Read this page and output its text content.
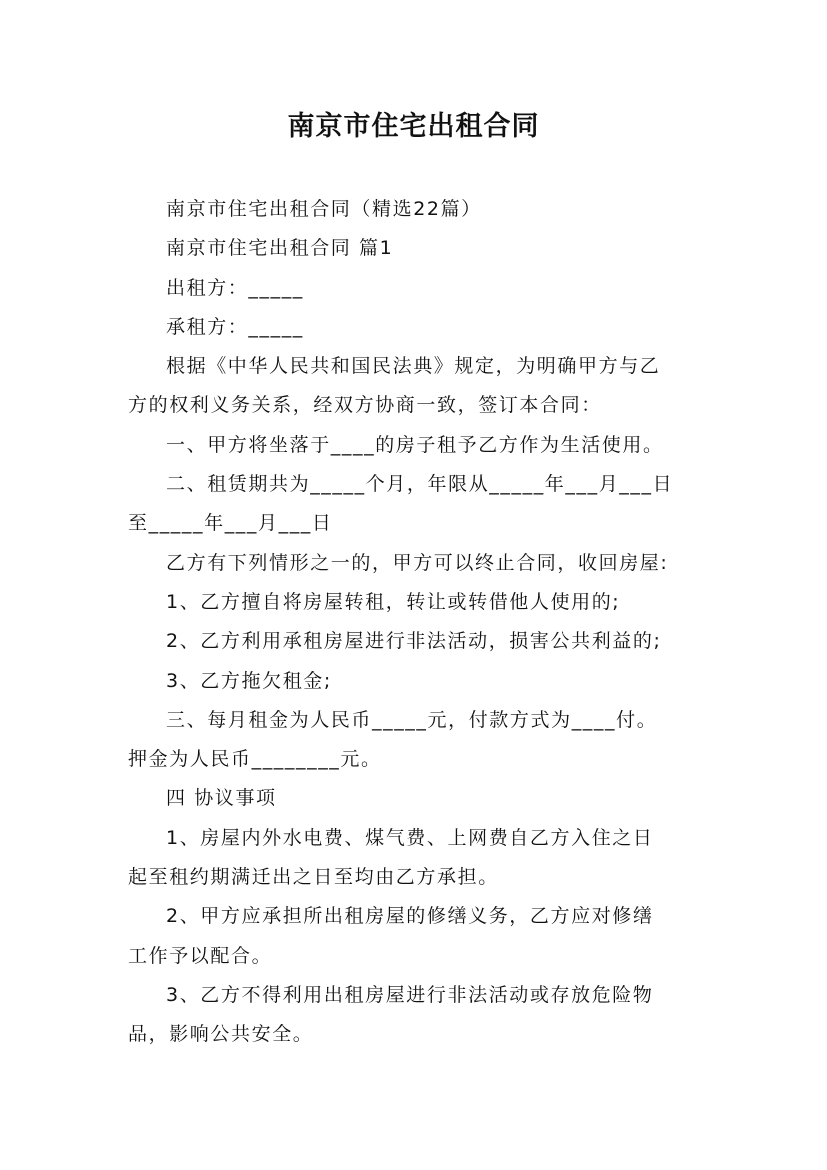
南京市住宅出租合同

南京市住宅出租合同（精选22篇）

南京市住宅出租合同 篇1

出租方：_____

承租方：_____

根据《中华人民共和国民法典》规定，为明确甲方与乙

方的权利义务关系，经双方协商一致，签订本合同：

一、甲方将坐落于____的房子租予乙方作为生活使用。

二、租赁期共为_____个月，年限从_____年___月___日

至_____年___月___日

乙方有下列情形之一的，甲方可以终止合同，收回房屋:

1、乙方擅自将房屋转租，转让或转借他人使用的;

2、乙方利用承租房屋进行非法活动，损害公共利益的;

3、乙方拖欠租金;

三、每月租金为人民币_____元，付款方式为____付。

押金为人民币________元。

四 协议事项

1、房屋内外水电费、煤气费、上网费自乙方入住之日

起至租约期满迁出之日至均由乙方承担。

2、甲方应承担所出租房屋的修缮义务，乙方应对修缮

工作予以配合。

3、乙方不得利用出租房屋进行非法活动或存放危险物

品，影响公共安全。
